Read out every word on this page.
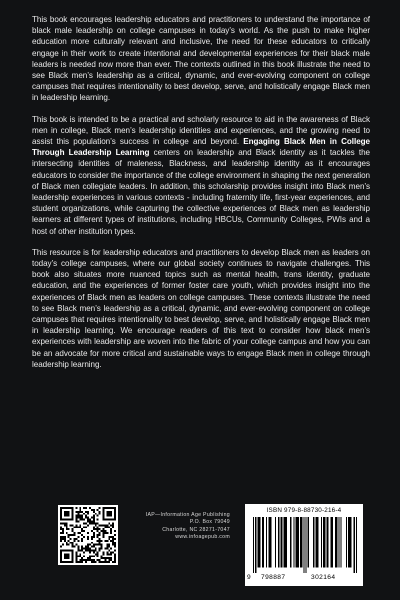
This book encourages leadership educators and practitioners to understand the importance of black male leadership on college campuses in today’s world. As the push to make higher education more culturally relevant and inclusive, the need for these educators to critically engage in their work to create intentional and developmental experiences for their black male leaders is needed now more than ever. The contexts outlined in this book illustrate the need to see Black men’s leadership as a critical, dynamic, and ever-evolving component on college campuses that requires intentionality to best develop, serve, and holistically engage Black men in leadership learning.

This book is intended to be a practical and scholarly resource to aid in the awareness of Black men in college, Black men’s leadership identities and experiences, and the growing need to assist this population’s success in college and beyond. Engaging Black Men in College Through Leadership Learning centers on leadership and Black identity as it tackles the intersecting identities of maleness, Blackness, and leadership identity as it encourages educators to consider the importance of the college environment in shaping the next generation of Black men collegiate leaders. In addition, this scholarship provides insight into Black men’s leadership experiences in various contexts - including fraternity life, first-year experiences, and student organizations, while capturing the collective experiences of Black men as leadership learners at different types of institutions, including HBCUs, Community Colleges, PWIs and a host of other institution types.

This resource is for leadership educators and practitioners to develop Black men as leaders on today’s college campuses, where our global society continues to navigate challenges. This book also situates more nuanced topics such as mental health, trans identity, graduate education, and the experiences of former foster care youth, which provides insight into the experiences of Black men as leaders on college campuses. These contexts illustrate the need to see Black men’s leadership as a critical, dynamic, and ever-evolving component on college campuses that requires intentionality to best develop, serve, and holistically engage Black men in leadership learning. We encourage readers of this text to consider how black men’s experiences with leadership are woven into the fabric of your college campus and how you can be an advocate for more critical and sustainable ways to engage Black men in college through leadership learning.

IAP—Information Age Publishing
P.O. Box 79049
Charlotte, NC 28271-7047
www.infoagepub.com
ISBN 979-8-88730-216-4
9 798887	302164
